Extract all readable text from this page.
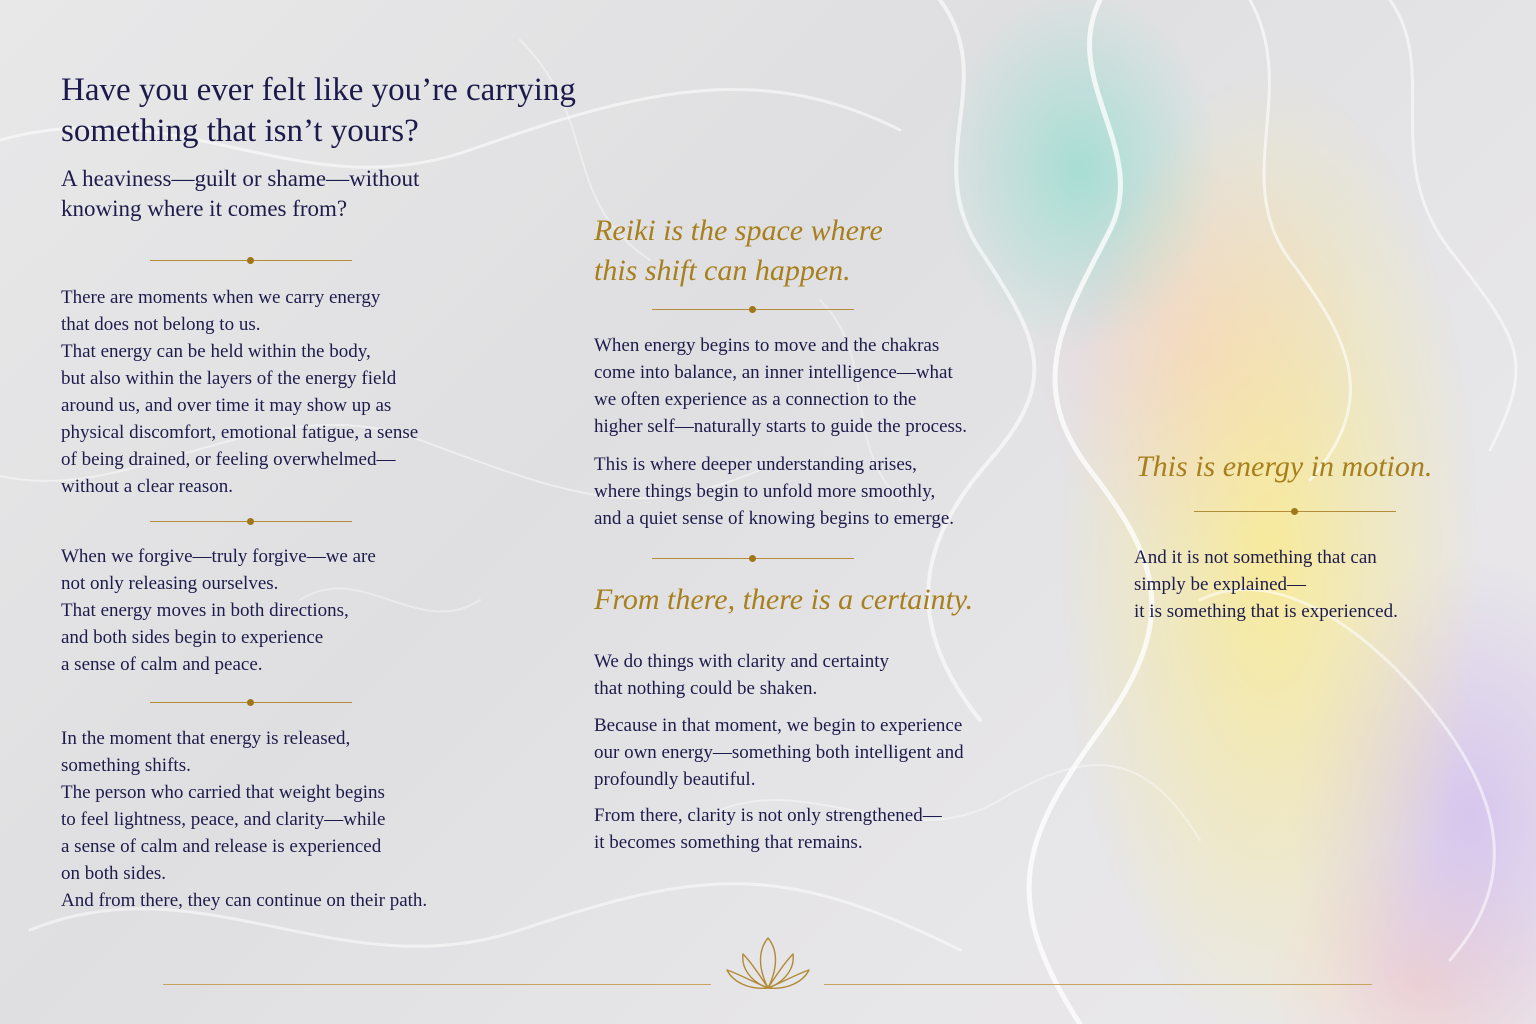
Have you ever felt like you’re carrying something that isn’t yours?

A heaviness—guilt or shame—without knowing where it comes from?

There are moments when we carry energy
that does not belong to us.
That energy can be held within the body,
but also within the layers of the energy field
around us, and over time it may show up as
physical discomfort, emotional fatigue, a sense
of being drained, or feeling overwhelmed—
without a clear reason.

When we forgive—truly forgive—we are
not only releasing ourselves.
That energy moves in both directions,
and both sides begin to experience
a sense of calm and peace.

In the moment that energy is released,
something shifts.
The person who carried that weight begins
to feel lightness, peace, and clarity—while
a sense of calm and release is experienced
on both sides.
And from there, they can continue on their path.

Reiki is the space where
this shift can happen.

When energy begins to move and the chakras
come into balance, an inner intelligence—what
we often experience as a connection to the
higher self—naturally starts to guide the process.

This is where deeper understanding arises,
where things begin to unfold more smoothly,
and a quiet sense of knowing begins to emerge.

From there, there is a certainty.

We do things with clarity and certainty
that nothing could be shaken.

Because in that moment, we begin to experience
our own energy—something both intelligent and
profoundly beautiful.

From there, clarity is not only strengthened—
it becomes something that remains.

This is energy in motion.

And it is not something that can
simply be explained—
it is something that is experienced.
